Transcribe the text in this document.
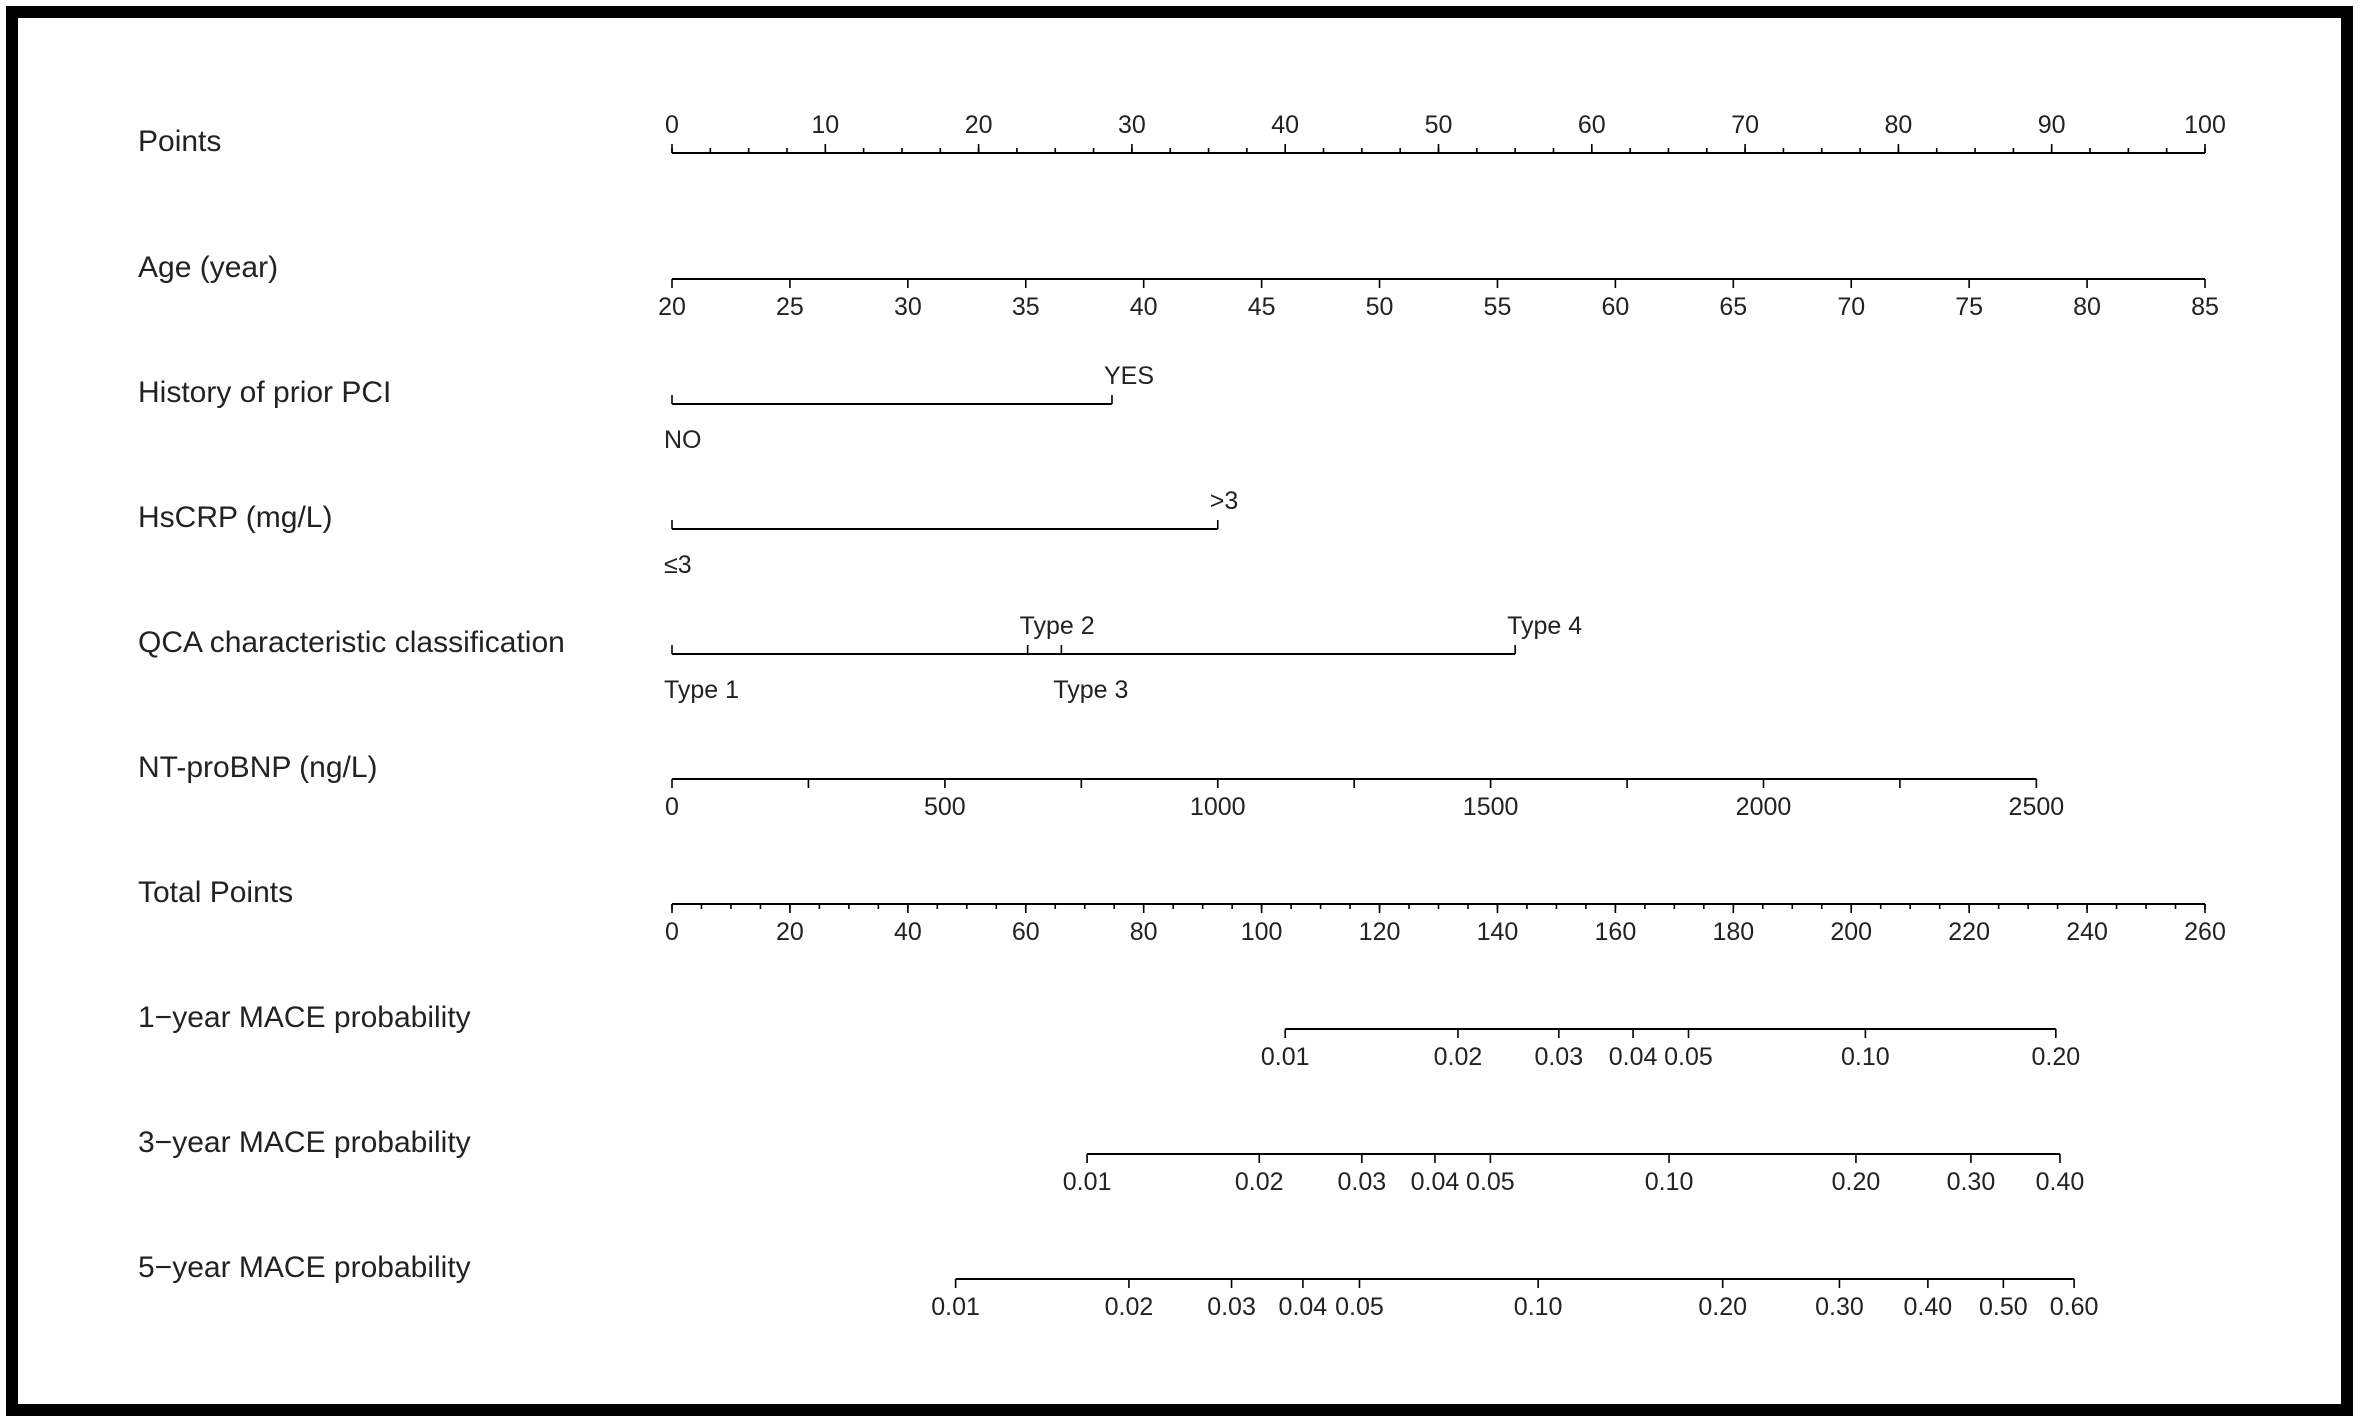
Points	0	10	20	30	40	50	60	70	80	90	100
Age (year)
20	25	30	35	40	45	50	55	60	65	70	75	80	85
History of prior PCI
NO
YES
HsCRP (mg/L)
≤3
>3
QCA characteristic classification
Type 1
Type 2
Type 3
Type 4
NT-proBNP (ng/L)
0	500	1000	1500	2000	2500
Total Points
0	20	40	60	80	100	120	140	160	180	200	220	240	260
1−year MACE probability
0.01	0.02 0.03 0.04 0.05	0.10	0.20
3−year MACE probability
0.01	0.02 0.03 0.04 0.05	0.10	0.20	0.30 0.40
5−year MACE probability
0.01	0.02 0.03 0.04 0.05	0.10	0.20	0.30 0.40 0.50 0.60
